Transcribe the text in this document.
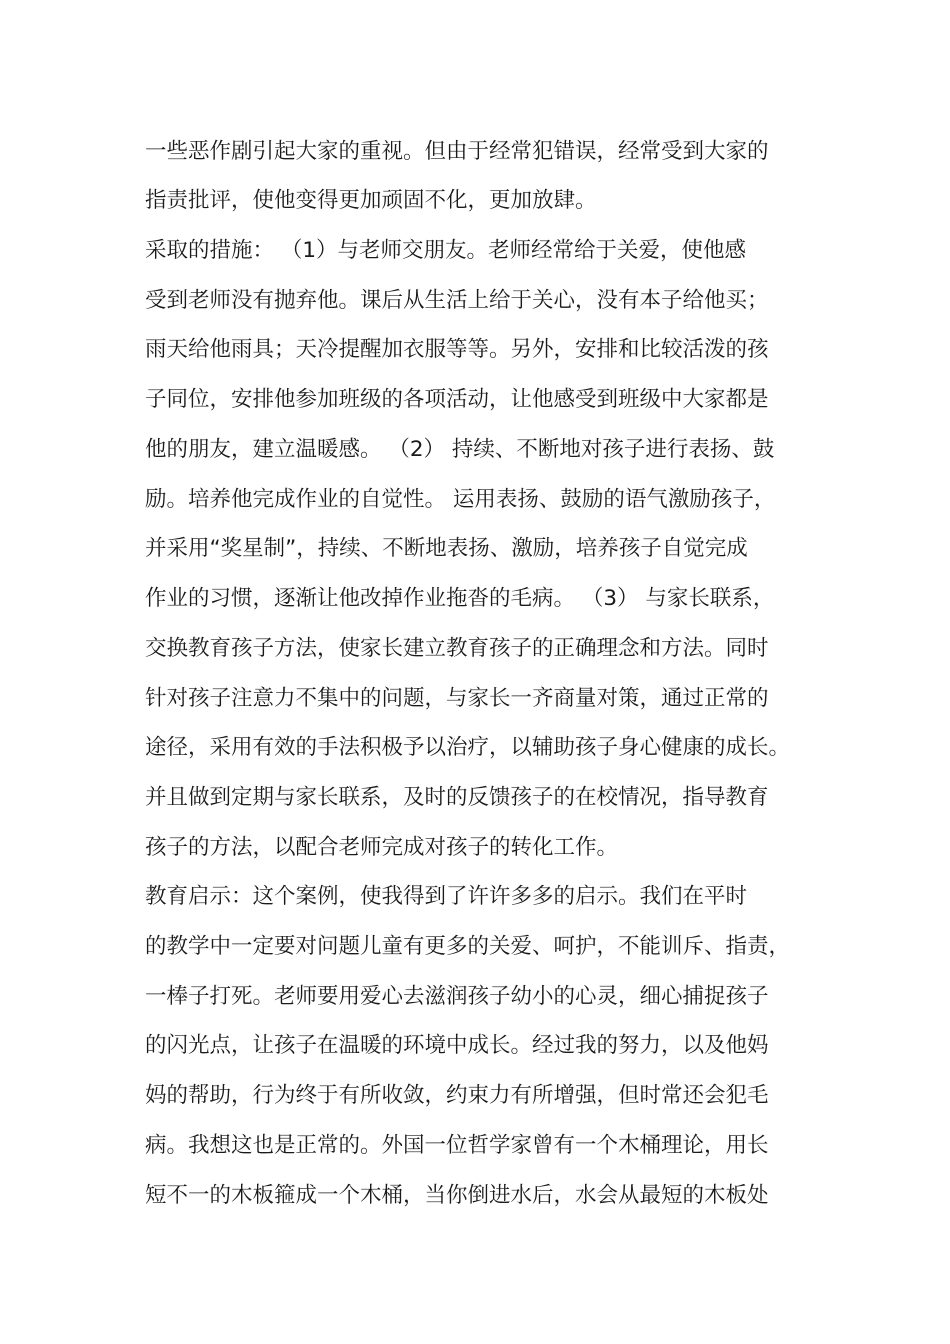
一些恶作剧引起大家的重视。但由于经常犯错误，经常受到大家的
指责批评，使他变得更加顽固不化，更加放肆。
采取的措施： （1）与老师交朋友。老师经常给于关爱，使他感
受到老师没有抛弃他。课后从生活上给于关心，没有本子给他买；
雨天给他雨具；天冷提醒加衣服等等。另外，安排和比较活泼的孩
子同位，安排他参加班级的各项活动，让他感受到班级中大家都是
他的朋友，建立温暖感。 （2） 持续、不断地对孩子进行表扬、鼓
励。培养他完成作业的自觉性。 运用表扬、鼓励的语气激励孩子，
并采用“奖星制”，持续、不断地表扬、激励，培养孩子自觉完成
作业的习惯，逐渐让他改掉作业拖沓的毛病。 （3） 与家长联系，
交换教育孩子方法，使家长建立教育孩子的正确理念和方法。同时
针对孩子注意力不集中的问题，与家长一齐商量对策，通过正常的
途径，采用有效的手法积极予以治疗，以辅助孩子身心健康的成长。
并且做到定期与家长联系，及时的反馈孩子的在校情况，指导教育
孩子的方法，以配合老师完成对孩子的转化工作。
教育启示：这个案例，使我得到了许许多多的启示。我们在平时
的教学中一定要对问题儿童有更多的关爱、呵护，不能训斥、指责，
一棒子打死。老师要用爱心去滋润孩子幼小的心灵，细心捕捉孩子
的闪光点，让孩子在温暖的环境中成长。经过我的努力，以及他妈
妈的帮助，行为终于有所收敛，约束力有所增强，但时常还会犯毛
病。我想这也是正常的。外国一位哲学家曾有一个木桶理论，用长
短不一的木板箍成一个木桶，当你倒进水后，水会从最短的木板处
